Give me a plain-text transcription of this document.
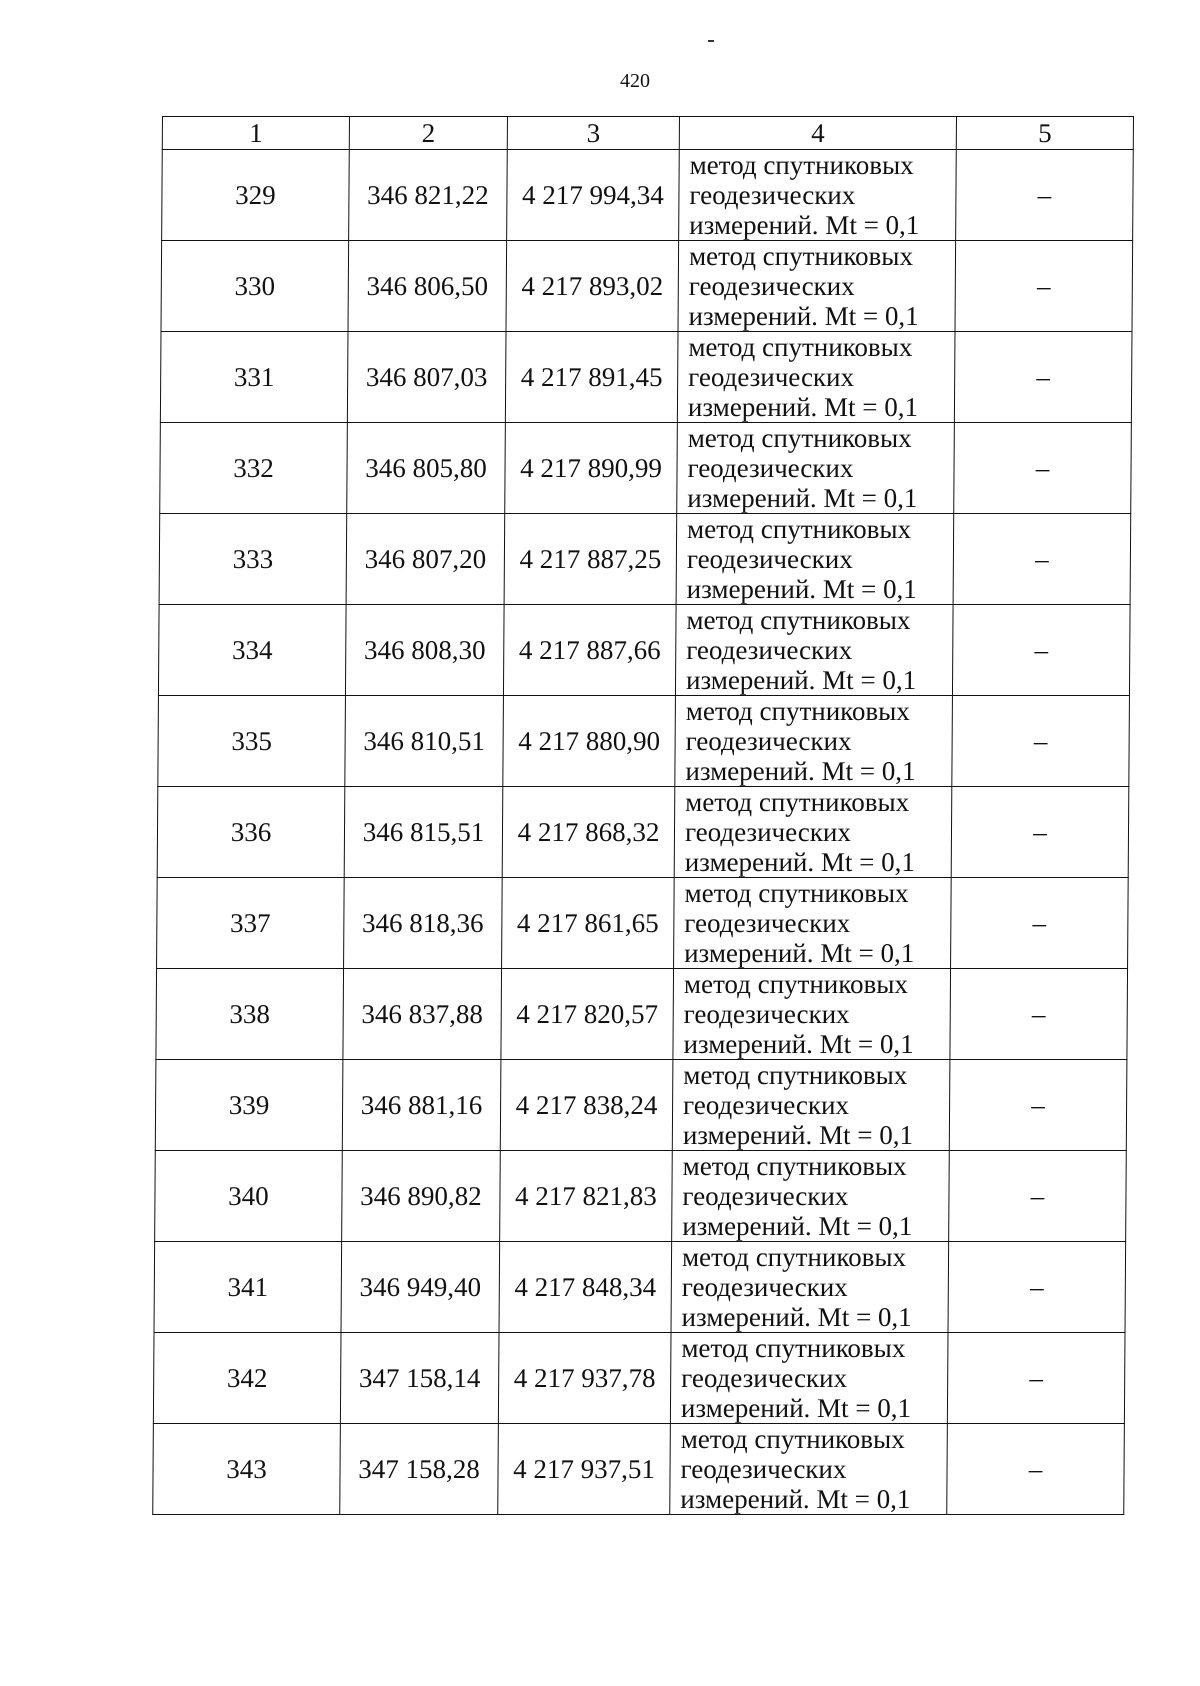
420
1	2	3	4	5
329	346 821,22	4 217 994,34	метод спутниковых
геодезических
измерений. Mt = 0,1	–
330	346 806,50	4 217 893,02	метод спутниковых
геодезических
измерений. Mt = 0,1	–
331	346 807,03	4 217 891,45	метод спутниковых
геодезических
измерений. Mt = 0,1	–
332	346 805,80	4 217 890,99	метод спутниковых
геодезических
измерений. Mt = 0,1	–
333	346 807,20	4 217 887,25	метод спутниковых
геодезических
измерений. Mt = 0,1	–
334	346 808,30	4 217 887,66	метод спутниковых
геодезических
измерений. Mt = 0,1	–
335	346 810,51	4 217 880,90	метод спутниковых
геодезических
измерений. Mt = 0,1	–
336	346 815,51	4 217 868,32	метод спутниковых
геодезических
измерений. Mt = 0,1	–
337	346 818,36	4 217 861,65	метод спутниковых
геодезических
измерений. Mt = 0,1	–
338	346 837,88	4 217 820,57	метод спутниковых
геодезических
измерений. Mt = 0,1	–
339	346 881,16	4 217 838,24	метод спутниковых
геодезических
измерений. Mt = 0,1	–
340	346 890,82	4 217 821,83	метод спутниковых
геодезических
измерений. Mt = 0,1	–
341	346 949,40	4 217 848,34	метод спутниковых
геодезических
измерений. Mt = 0,1	–
342	347 158,14	4 217 937,78	метод спутниковых
геодезических
измерений. Mt = 0,1	–
343	347 158,28	4 217 937,51	метод спутниковых
геодезических
измерений. Mt = 0,1	–
